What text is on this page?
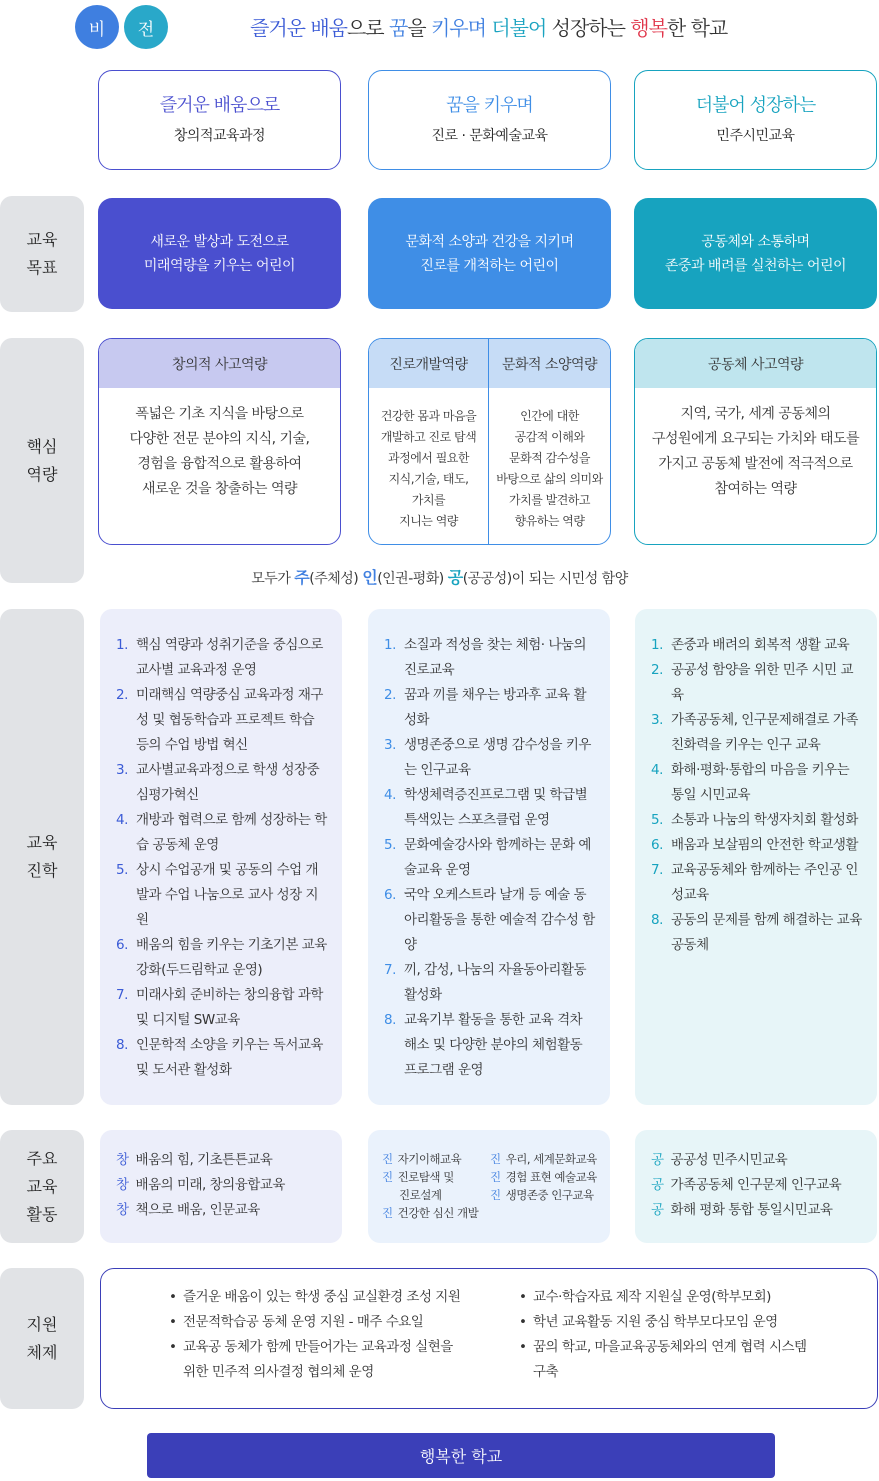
비	전	즐거운 배움으로 꿈을 키우며 더불어 성장하는 행복한 학교
즐거운 배움으로
창의적교육과정
꿈을 키우며
진로 · 문화예술교육
더불어 성장하는
민주시민교육
교육
목표
핵심
역량
교육
진학
주요
교육
활동
지원
체제
새로운 발상과 도전으로
미래역량을 키우는 어린이
문화적 소양과 건강을 지키며
진로를 개척하는 어린이
공동체와 소통하며
존중과 배려를 실천하는 어린이
창의적 사고역량
폭넓은 기초 지식을 바탕으로
다양한 전문 분야의 지식, 기술,
경험을 융합적으로 활용하여
새로운 것을 창출하는 역량
진로개발역량
건강한 몸과 마음을
개발하고 진로 탐색
과정에서 필요한
지식,기술, 태도,
가치를
지니는 역량
문화적 소양역량
인간에 대한
공감적 이해와
문화적 감수성을
바탕으로 삶의 의미와
가치를 발견하고
향유하는 역량
공동체 사고역량
지역, 국가, 세계 공동체의
구성원에게 요구되는 가치와 태도를
가지고 공동체 발전에 적극적으로
참여하는 역량
모두가 주(주체성) 인(인권-평화) 공(공공성)이 되는 시민성 함양
1. 핵심 역량과 성취기준을 중심으로 교사별 교육과정 운영
2. 미래핵심 역량중심 교육과정 재구성 및 협동학습과 프로젝트 학습 등의 수업 방법 혁신
3. 교사별교육과정으로 학생 성장중심평가혁신
4. 개방과 협력으로 함께 성장하는 학습 공동체 운영
5. 상시 수업공개 및 공동의 수업 개발과 수업 나눔으로 교사 성장 지원
6. 배움의 힘을 키우는 기초기본 교육강화(두드림학교 운영)
7. 미래사회 준비하는 창의융합 과학 및 디지털 SW교육
8. 인문학적 소양을 키우는 독서교육 및 도서관 활성화
1. 소질과 적성을 찾는 체험· 나눔의 진로교육
2. 꿈과 끼를 채우는 방과후 교육 활성화
3. 생명존중으로 생명 감수성을 키우는 인구교육
4. 학생체력증진프로그램 및 학급별 특색있는 스포츠클럽 운영
5. 문화예술강사와 함께하는 문화 예술교육 운영
6. 국악 오케스트라 날개 등 예술 동아리활동을 통한 예술적 감수성 함양
7. 끼, 감성, 나눔의 자율동아리활동 활성화
8. 교육기부 활동을 통한 교육 격차 해소 및 다양한 분야의 체험활동 프로그램 운영
1. 존중과 배려의 회복적 생활 교육
2. 공공성 함양을 위한 민주 시민 교육
3. 가족공동체, 인구문제해결로 가족친화력을 키우는 인구 교육
4. 화해·평화·통합의 마음을 키우는 통일 시민교육
5. 소통과 나눔의 학생자치회 활성화
6. 배움과 보살핌의 안전한 학교생활
7. 교육공동체와 함께하는 주인공 인성교육
8. 공동의 문제를 함께 해결하는 교육 공동체
창 배움의 힘, 기초튼튼교육
창 배움의 미래, 창의융합교육
창 책으로 배움, 인문교육
진 자기이해교육
진 진로탐색 및
진로설계
진 건강한 심신 개발
진 우리, 세계문화교육
진 경험 표현 예술교육
진 생명존중 인구교육
공 공공성 민주시민교육
공 가족공동체 인구문제 인구교육
공 화해 평화 통합 통일시민교육
• 즐거운 배움이 있는 학생 중심 교실환경 조성 지원
• 전문적학습공 동체 운영 지원 - 매주 수요일
• 교육공 동체가 함께 만들어가는 교육과정 실현을 위한 민주적 의사결정 협의체 운영
• 교수·학습자료 제작 지원실 운영(학부모회)
• 학년 교육활동 지원 중심 학부모다모임 운영
• 꿈의 학교, 마을교육공동체와의 연계 협력 시스템 구축
행복한 학교
